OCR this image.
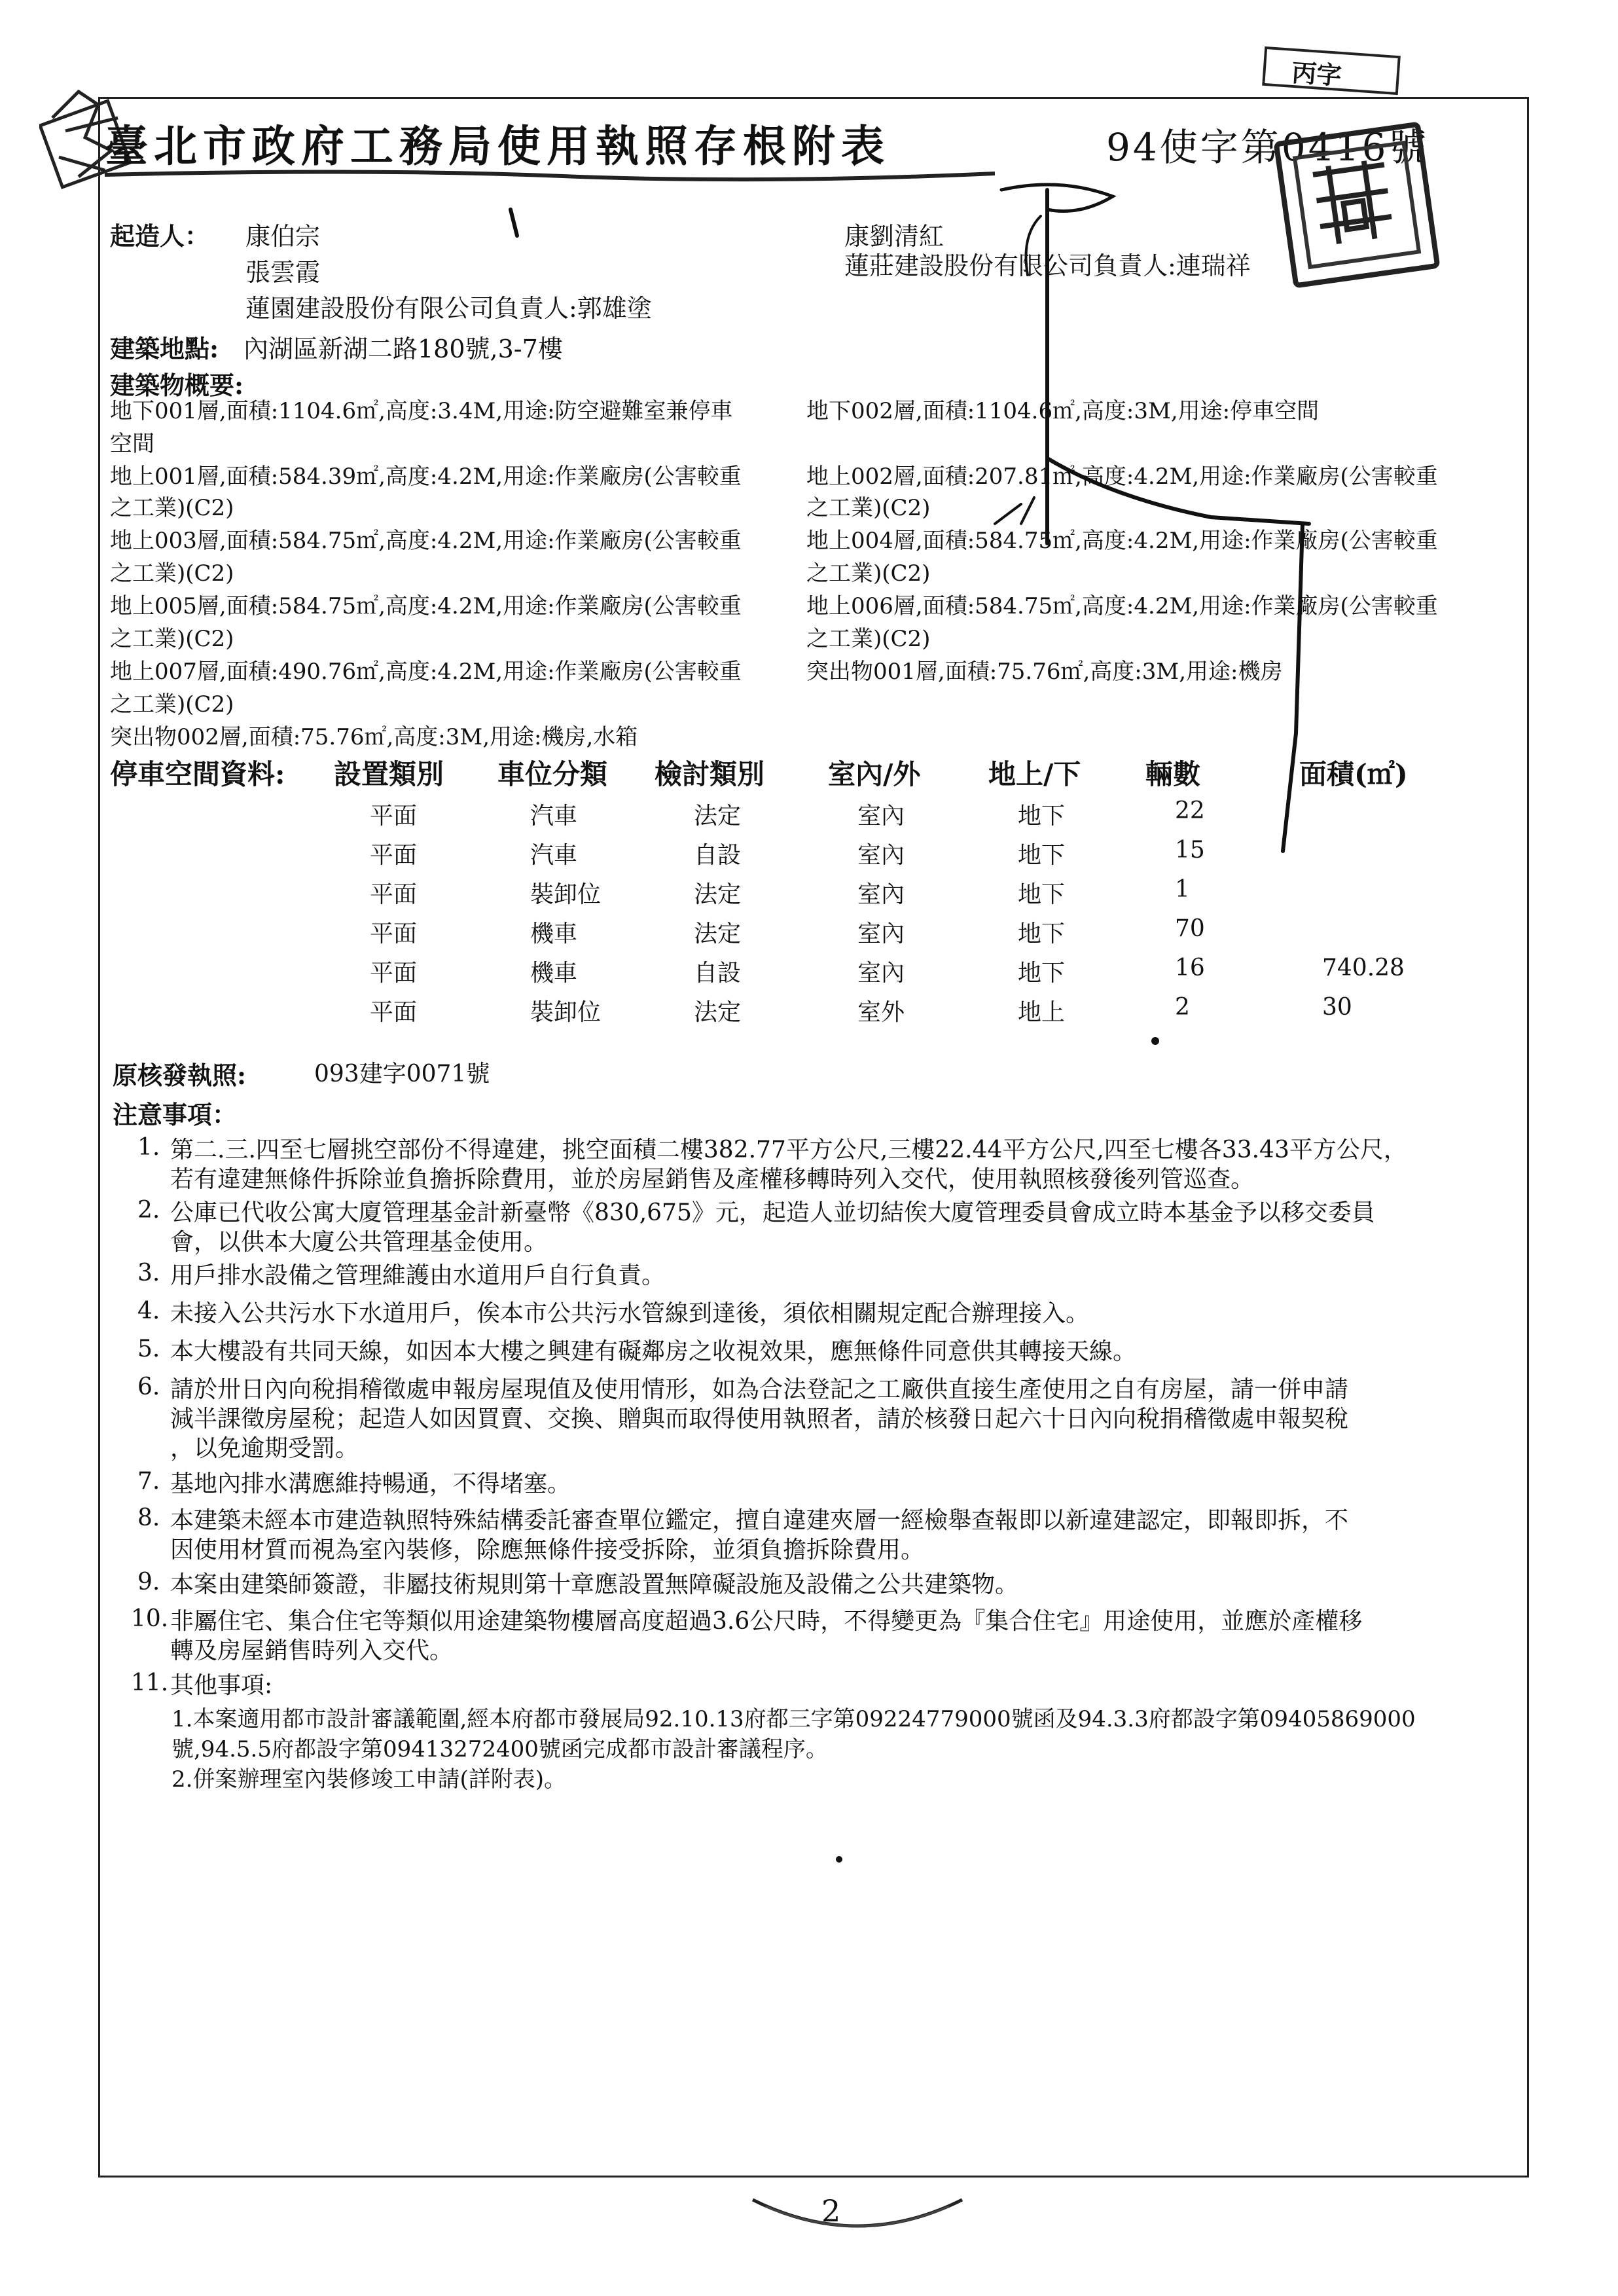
丙字
臺北市政府工務局使用執照存根附表	94使字第0416號
起造人： 康伯宗
張雲霞
蓮園建設股份有限公司負責人:郭雄塗
康劉清紅
蓮莊建設股份有限公司負責人:連瑞祥
建築地點: 內湖區新湖二路180號,3-7樓
建築物概要:
地下001層,面積:1104.6㎡,高度:3.4M,用途:防空避難室兼停車
空間
地上001層,面積:584.39㎡,高度:4.2M,用途:作業廠房(公害較重
之工業)(C2)
地上003層,面積:584.75㎡,高度:4.2M,用途:作業廠房(公害較重
之工業)(C2)
地上005層,面積:584.75㎡,高度:4.2M,用途:作業廠房(公害較重
之工業)(C2)
地上007層,面積:490.76㎡,高度:4.2M,用途:作業廠房(公害較重
之工業)(C2)
突出物002層,面積:75.76㎡,高度:3M,用途:機房,水箱
地下002層,面積:1104.6㎡,高度:3M,用途:停車空間
地上002層,面積:207.81㎡,高度:4.2M,用途:作業廠房(公害較重
之工業)(C2)
地上004層,面積:584.75㎡,高度:4.2M,用途:作業廠房(公害較重
之工業)(C2)
地上006層,面積:584.75㎡,高度:4.2M,用途:作業廠房(公害較重
之工業)(C2)
突出物001層,面積:75.76㎡,高度:3M,用途:機房
停車空間資料: 設置類別 車位分類 檢討類別 室內/外 地上/下 輛數	面積(㎡)
平面	汽車	法定	室內	地下	22
平面	汽車	自設	室內	地下	15
平面	裝卸位	法定	室內	地下	1
平面	機車	法定	室內	地下	70
平面	機車	自設	室內	地下	16	740.28
平面	裝卸位	法定	室外	地上	2	30
原核發執照:	093建字0071號
注意事項：
1. 第二.三.四至七層挑空部份不得違建，挑空面積二樓382.77平方公尺,三樓22.44平方公尺,四至七樓各33.43平方公尺，
若有違建無條件拆除並負擔拆除費用，並於房屋銷售及產權移轉時列入交代，使用執照核發後列管巡查。
2. 公庫已代收公寓大廈管理基金計新臺幣《830,675》元，起造人並切結俟大廈管理委員會成立時本基金予以移交委員
會，以供本大廈公共管理基金使用。
3. 用戶排水設備之管理維護由水道用戶自行負責。
4. 未接入公共污水下水道用戶，俟本市公共污水管線到達後，須依相關規定配合辦理接入。
5. 本大樓設有共同天線，如因本大樓之興建有礙鄰房之收視效果，應無條件同意供其轉接天線。
6. 請於卅日內向稅捐稽徵處申報房屋現值及使用情形，如為合法登記之工廠供直接生產使用之自有房屋，請一併申請
減半課徵房屋稅；起造人如因買賣、交換、贈與而取得使用執照者，請於核發日起六十日內向稅捐稽徵處申報契稅
，以免逾期受罰。
7. 基地內排水溝應維持暢通，不得堵塞。
8. 本建築未經本市建造執照特殊結構委託審查單位鑑定，擅自違建夾層一經檢舉查報即以新違建認定，即報即拆，不
因使用材質而視為室內裝修，除應無條件接受拆除，並須負擔拆除費用。
9. 本案由建築師簽證，非屬技術規則第十章應設置無障礙設施及設備之公共建築物。
10. 非屬住宅、集合住宅等類似用途建築物樓層高度超過3.6公尺時，不得變更為『集合住宅』用途使用，並應於產權移
轉及房屋銷售時列入交代。
11. 其他事項:
1.本案適用都市設計審議範圍,經本府都市發展局92.10.13府都三字第09224779000號函及94.3.3府都設字第09405869000
號,94.5.5府都設字第09413272400號函完成都市設計審議程序。
2.併案辦理室內裝修竣工申請(詳附表)。
2
